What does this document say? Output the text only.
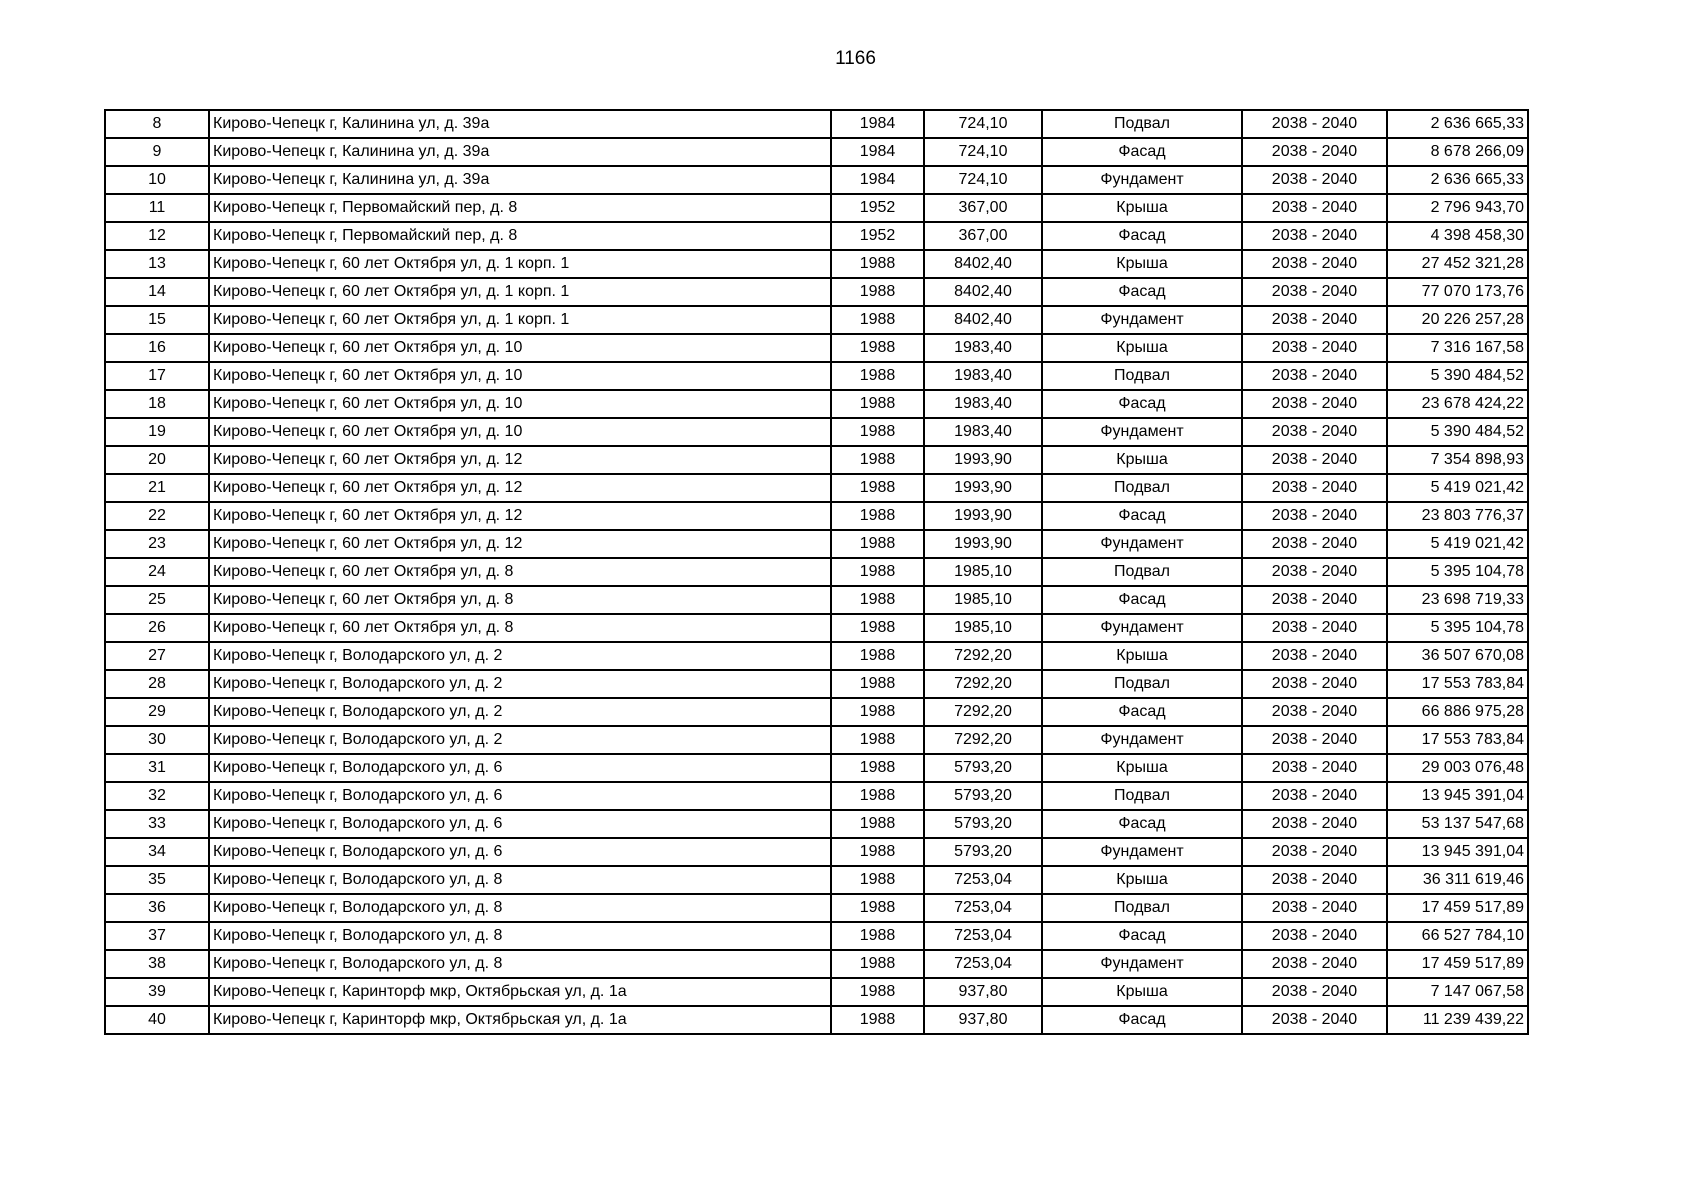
1166
8	Кирово-Чепецк г, Калинина ул, д. 39а	1984	724,10	Подвал	2038 - 2040	2 636 665,33
9	Кирово-Чепецк г, Калинина ул, д. 39а	1984	724,10	Фасад	2038 - 2040	8 678 266,09
10	Кирово-Чепецк г, Калинина ул, д. 39а	1984	724,10	Фундамент	2038 - 2040	2 636 665,33
11	Кирово-Чепецк г, Первомайский пер, д. 8	1952	367,00	Крыша	2038 - 2040	2 796 943,70
12	Кирово-Чепецк г, Первомайский пер, д. 8	1952	367,00	Фасад	2038 - 2040	4 398 458,30
13	Кирово-Чепецк г, 60 лет Октября ул, д. 1 корп. 1	1988	8402,40	Крыша	2038 - 2040	27 452 321,28
14	Кирово-Чепецк г, 60 лет Октября ул, д. 1 корп. 1	1988	8402,40	Фасад	2038 - 2040	77 070 173,76
15	Кирово-Чепецк г, 60 лет Октября ул, д. 1 корп. 1	1988	8402,40	Фундамент	2038 - 2040	20 226 257,28
16	Кирово-Чепецк г, 60 лет Октября ул, д. 10	1988	1983,40	Крыша	2038 - 2040	7 316 167,58
17	Кирово-Чепецк г, 60 лет Октября ул, д. 10	1988	1983,40	Подвал	2038 - 2040	5 390 484,52
18	Кирово-Чепецк г, 60 лет Октября ул, д. 10	1988	1983,40	Фасад	2038 - 2040	23 678 424,22
19	Кирово-Чепецк г, 60 лет Октября ул, д. 10	1988	1983,40	Фундамент	2038 - 2040	5 390 484,52
20	Кирово-Чепецк г, 60 лет Октября ул, д. 12	1988	1993,90	Крыша	2038 - 2040	7 354 898,93
21	Кирово-Чепецк г, 60 лет Октября ул, д. 12	1988	1993,90	Подвал	2038 - 2040	5 419 021,42
22	Кирово-Чепецк г, 60 лет Октября ул, д. 12	1988	1993,90	Фасад	2038 - 2040	23 803 776,37
23	Кирово-Чепецк г, 60 лет Октября ул, д. 12	1988	1993,90	Фундамент	2038 - 2040	5 419 021,42
24	Кирово-Чепецк г, 60 лет Октября ул, д. 8	1988	1985,10	Подвал	2038 - 2040	5 395 104,78
25	Кирово-Чепецк г, 60 лет Октября ул, д. 8	1988	1985,10	Фасад	2038 - 2040	23 698 719,33
26	Кирово-Чепецк г, 60 лет Октября ул, д. 8	1988	1985,10	Фундамент	2038 - 2040	5 395 104,78
27	Кирово-Чепецк г, Володарского ул, д. 2	1988	7292,20	Крыша	2038 - 2040	36 507 670,08
28	Кирово-Чепецк г, Володарского ул, д. 2	1988	7292,20	Подвал	2038 - 2040	17 553 783,84
29	Кирово-Чепецк г, Володарского ул, д. 2	1988	7292,20	Фасад	2038 - 2040	66 886 975,28
30	Кирово-Чепецк г, Володарского ул, д. 2	1988	7292,20	Фундамент	2038 - 2040	17 553 783,84
31	Кирово-Чепецк г, Володарского ул, д. 6	1988	5793,20	Крыша	2038 - 2040	29 003 076,48
32	Кирово-Чепецк г, Володарского ул, д. 6	1988	5793,20	Подвал	2038 - 2040	13 945 391,04
33	Кирово-Чепецк г, Володарского ул, д. 6	1988	5793,20	Фасад	2038 - 2040	53 137 547,68
34	Кирово-Чепецк г, Володарского ул, д. 6	1988	5793,20	Фундамент	2038 - 2040	13 945 391,04
35	Кирово-Чепецк г, Володарского ул, д. 8	1988	7253,04	Крыша	2038 - 2040	36 311 619,46
36	Кирово-Чепецк г, Володарского ул, д. 8	1988	7253,04	Подвал	2038 - 2040	17 459 517,89
37	Кирово-Чепецк г, Володарского ул, д. 8	1988	7253,04	Фасад	2038 - 2040	66 527 784,10
38	Кирово-Чепецк г, Володарского ул, д. 8	1988	7253,04	Фундамент	2038 - 2040	17 459 517,89
39	Кирово-Чепецк г, Каринторф мкр, Октябрьская ул, д. 1а	1988	937,80	Крыша	2038 - 2040	7 147 067,58
40	Кирово-Чепецк г, Каринторф мкр, Октябрьская ул, д. 1а	1988	937,80	Фасад	2038 - 2040	11 239 439,22
